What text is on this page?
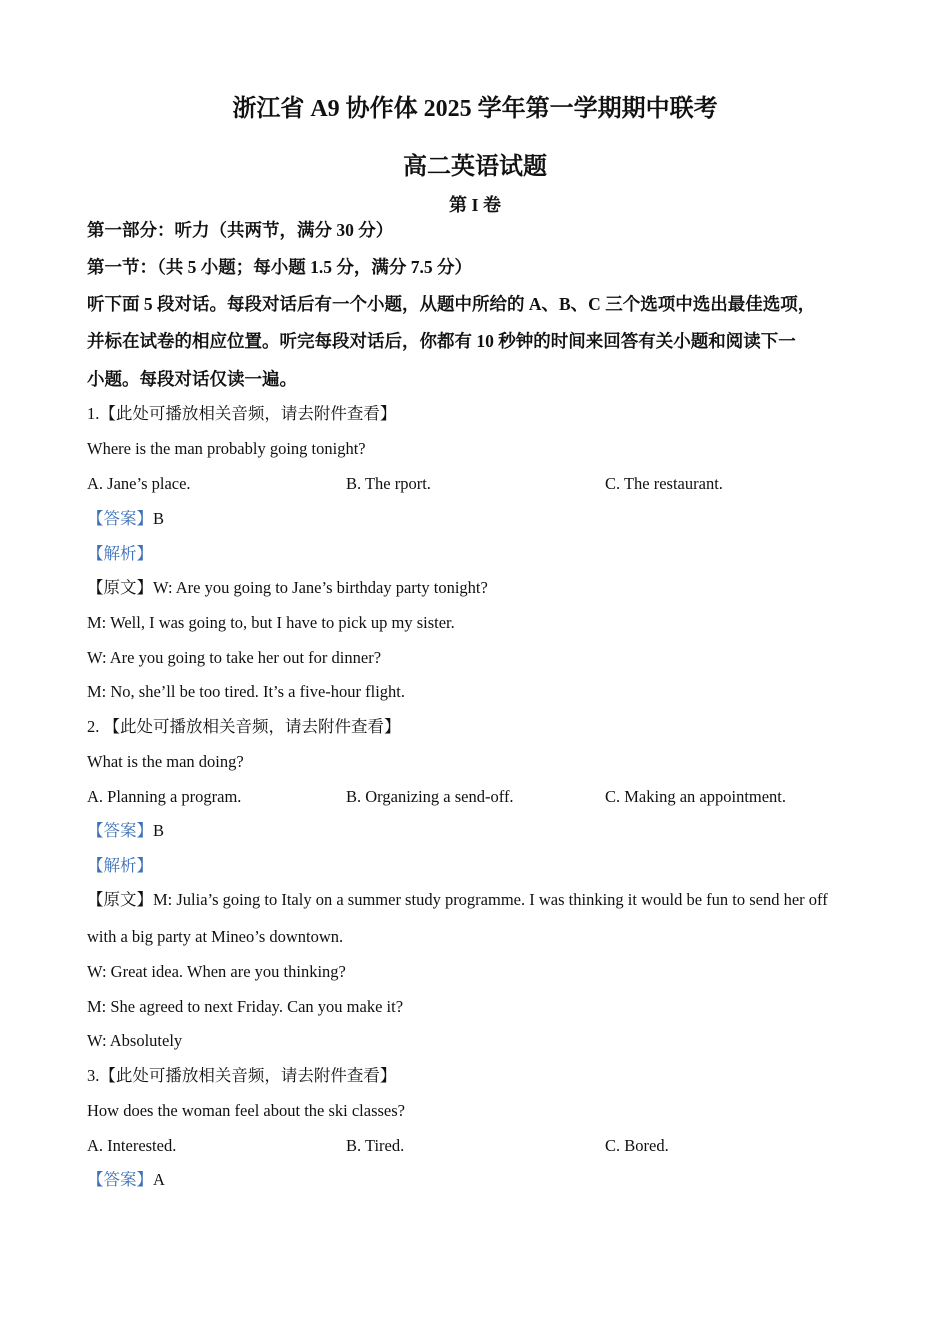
浙江省 A9 协作体 2025 学年第一学期期中联考
高二英语试题
第 I 卷
第一部分：听力（共两节，满分 30 分）
第一节：（共 5 小题；每小题 1.5 分，满分 7.5 分）
听下面 5 段对话。每段对话后有一个小题，从题中所给的 A、B、C 三个选项中选出最佳选项，
并标在试卷的相应位置。听完每段对话后，你都有 10 秒钟的时间来回答有关小题和阅读下一
小题。每段对话仅读一遍。
1.【此处可播放相关音频，请去附件查看】
Where is the man probably going tonight?
A. Jane’s place.	B. The rport.	C. The restaurant.
【答案】B
【解析】
【原文】W: Are you going to Jane’s birthday party tonight?
M: Well, I was going to, but I have to pick up my sister.
W: Are you going to take her out for dinner?
M: No, she’ll be too tired. It’s a five-hour flight.
2. 【此处可播放相关音频，请去附件查看】
What is the man doing?
A. Planning a program.	B. Organizing a send-off.	C. Making an appointment.
【答案】B
【解析】
【原文】M: Julia’s going to Italy on a summer study programme. I was thinking it would be fun to send her off
with a big party at Mineo’s downtown.
W: Great idea. When are you thinking?
M: She agreed to next Friday. Can you make it?
W: Absolutely
3.【此处可播放相关音频，请去附件查看】
How does the woman feel about the ski classes?
A. Interested.	B. Tired.	C. Bored.
【答案】A
